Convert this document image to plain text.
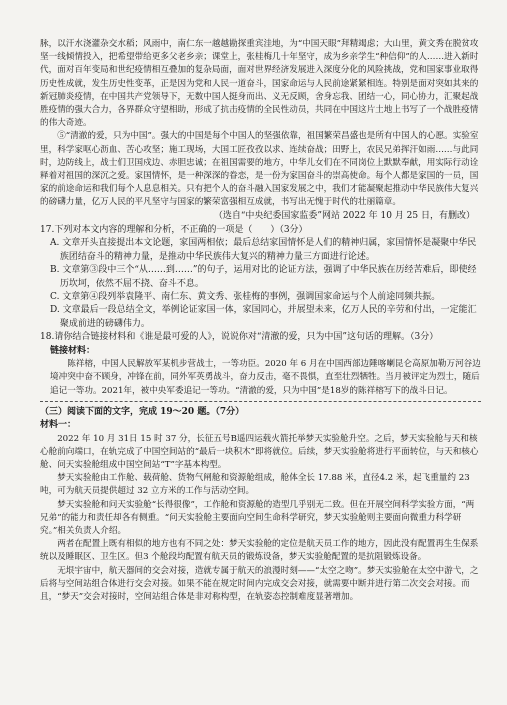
脉，以汗水浇灌杂交水稻；风雨中，南仁东一越越勘探重宾洼地，为“中国天眼”拜精竭虑；大山里，黄文秀在脱贫攻坚一线倾情投入，把希望带给更多父老乡亲；课堂上，张桂梅几十年坚守，成为乡亲学生“种信仰”的人……进入新时代，面对百年变局和世纪疫情相互叠加的复杂局面，面对世界经济发展进入深度分化的风险挑战，党和国家事业取得历史性成就，发生历史性变革，正是因为党和人民一道奋斗，国家命运与人民前途紧紧相连。特别是面对突如其来的新冠肺炎疫情，在中国共产党领导下，无数中国人挺身而出、义无反顾，舍身忘我、团结一心，同心协力，汇聚起战胜疫情的强大合力，各界群众守望相助，形成了抗击疫情的全民性动员，共同在中国这片土地上书写了一个战胜疫情的伟大奇迹。

⑤“清澈的爱，只为中国”。强大的中国是每个中国人的坚强依靠，祖国繁荣昌盛也是所有中国人的心愿。实验室里，科学家呕心沥血、苦心攻坚；施工现场，大国工匠孜孜以求、连续奋战；田野上，农民兄弟挥汗如雨……与此同时，边防线上，战士们卫国戍边、赤胆忠诚；在祖国需要的地方，中华儿女们在不同岗位上默默奉献，用实际行动诠释着对祖国的深沉之爱。家国情怀，是一种深深的眷恋，是一份为家国奋斗的崇高使命。每个人都是家国的一员，国家的前途命运和我们每个人息息相关。只有把个人的奋斗融入国家发展之中，我们才能凝聚起推动中华民族伟大复兴的磅礴力量，亿万人民的平凡坚守与国家的繁荣富强相互成就，书写出无愧于时代的壮丽篇章。

（选自“中央纪委国家监委”网站 2022 年 10 月 25 日，有删改）

17.下列对本文内容的理解和分析，不正确的一项是（　　）（3分）

A. 文章开头直接提出本文论题，家国两相依；最后总结家国情怀是人们的精神归属，家国情怀是凝聚中华民族团结奋斗的精神力量，是推动中华民族伟大复兴的精神力量三方面进行论述。

B. 文章第③段中三个“从……到……”的句子，运用对比的论证方法，强调了中华民族在历经苦难后，即使经历坎坷，依然不屈不挠、奋斗不息。

C. 文章第④段列举袁隆平、南仁东、黄文秀、张桂梅的事例，强调国家命运与个人前途同频共振。

D. 文章最后一段总结全文，举例论证家国一体，家国同心，并展望未来，亿万人民的辛劳和付出，一定能汇聚成前进的磅礴伟力。

18.请你结合链接材料和《谁是最可爱的人》，说说你对“清澈的爱，只为中国”这句话的理解。（3分）

链接材料：

陈祥榕，中国人民解放军某机步营战士，一等功臣。2020 年 6 月在中国西部边陲喀喇昆仑高原加勒万河谷边境冲突中奋不顾身，冲锋在前，同外军英勇战斗，奋力反击，毫不畏惧，直至壮烈牺牲。当月被评定为烈士，随后追记一等功。2021年，被中央军委追记一等功。“清澈的爱，只为中国”是18岁的陈祥榕写下的战斗日记。

（三）阅读下面的文字，完成 19～20 题。（7分）

材料一：

2022 年 10 月 31日 15 时 37 分，长征五号B遥四运载火箭托举梦天实验舱升空。之后，梦天实验舱与天和核心舱前向端口，在轨完成了中国空间站的“最后一块积木”即将就位。后续，梦天实验舱将进行平面转位，与天和核心舱、问天实验舱组成中国空间站“T”字基本构型。

梦天实验舱由工作舱、载荷舱、货物气闸舱和资源舱组成，舱体全长 17.88 米，直径4.2 米，起飞重量约 23 吨，可为航天员提供超过 32 立方米的工作与活动空间。

梦天实验舱和问天实验舱“长得很像”，工作舱和资源舱的造型几乎别无二致。但在开展空间科学实验方面，“两兄弟”的能力和责任却各有侧重。“问天实验舱主要面向空间生命科学研究，梦天实验舱则主要面向微重力科学研究。”相关负责人介绍。

两者在配置上既有相似的地方也有不同之处：梦天实验舱的定位是航天员工作的地方，因此没有配置再生生保系统以及睡眠区、卫生区。但3 个舱段均配置有航天员的锻炼设备，梦天实验舱配置的是抗阻锻炼设备。

无垠宇宙中，航天器间的交会对接，造就专属于航天的浪漫时刻——“太空之吻”。梦天实验舱在太空中游弋，之后将与空间站组合体进行交会对接。如果不能在规定时间内完成交会对接，就需要中断并进行第二次交会对接。而且，“梦天”交会对接时，空间站组合体是非对称构型，在轨姿态控制难度显著增加。
